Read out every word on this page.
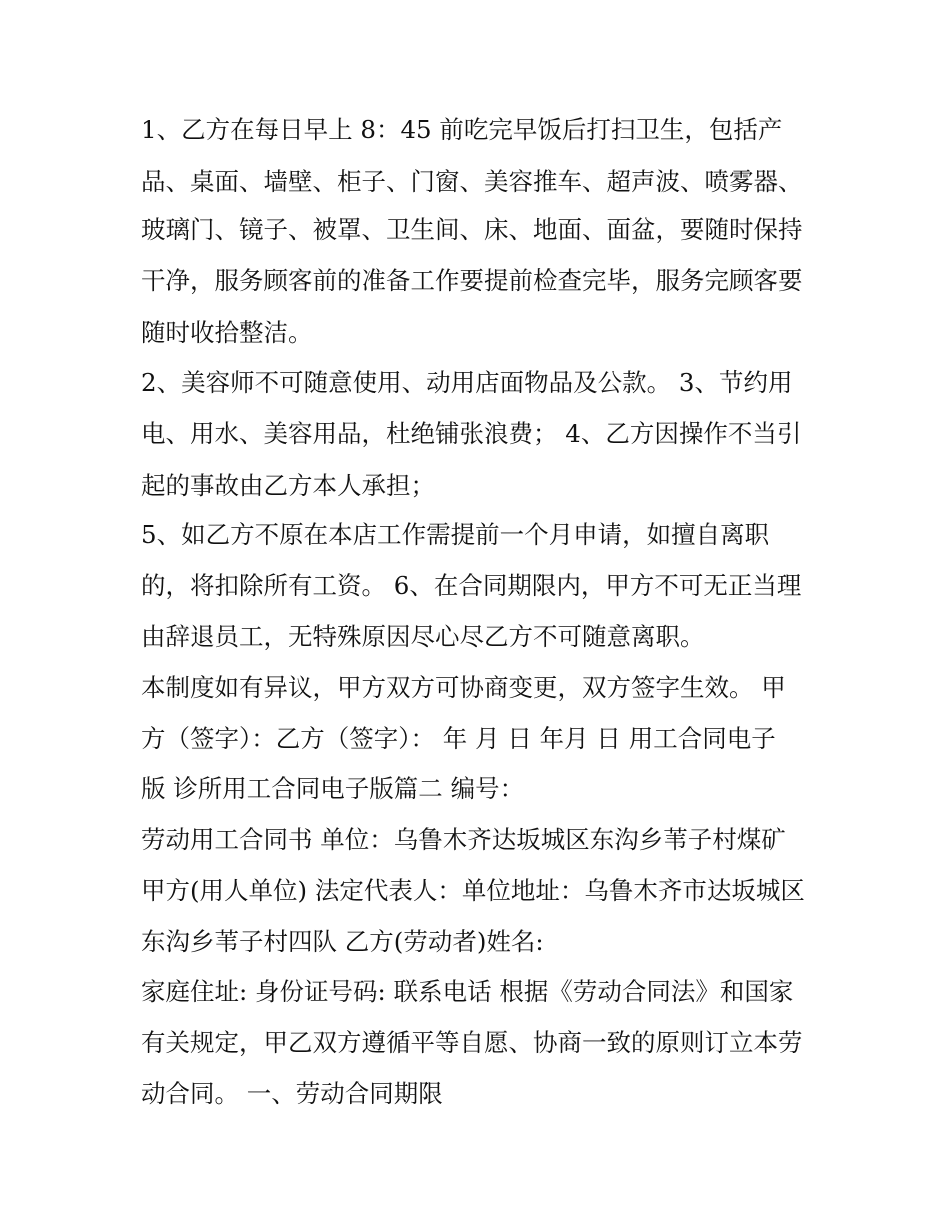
1、乙方在每日早上 8：45 前吃完早饭后打扫卫生，包括产
品、桌面、墙壁、柜子、门窗、美容推车、超声波、喷雾器、
玻璃门、镜子、被罩、卫生间、床、地面、面盆，要随时保持
干净，服务顾客前的准备工作要提前检查完毕，服务完顾客要
随时收拾整洁。
2、美容师不可随意使用、动用店面物品及公款。 3、节约用
电、用水、美容用品，杜绝铺张浪费； 4、乙方因操作不当引
起的事故由乙方本人承担；
5、如乙方不原在本店工作需提前一个月申请，如擅自离职
的，将扣除所有工资。 6、在合同期限内，甲方不可无正当理
由辞退员工，无特殊原因尽心尽乙方不可随意离职。
本制度如有异议，甲方双方可协商变更，双方签字生效。 甲
方（签字）：乙方（签字）： 年 月 日 年月 日 用工合同电子
版 诊所用工合同电子版篇二 编号：
劳动用工合同书 单位：乌鲁木齐达坂城区东沟乡苇子村煤矿
甲方(用人单位) 法定代表人：单位地址：乌鲁木齐市达坂城区
东沟乡苇子村四队 乙方(劳动者)姓名:
家庭住址: 身份证号码: 联系电话 根据《劳动合同法》和国家
有关规定，甲乙双方遵循平等自愿、协商一致的原则订立本劳
动合同。 一、劳动合同期限
